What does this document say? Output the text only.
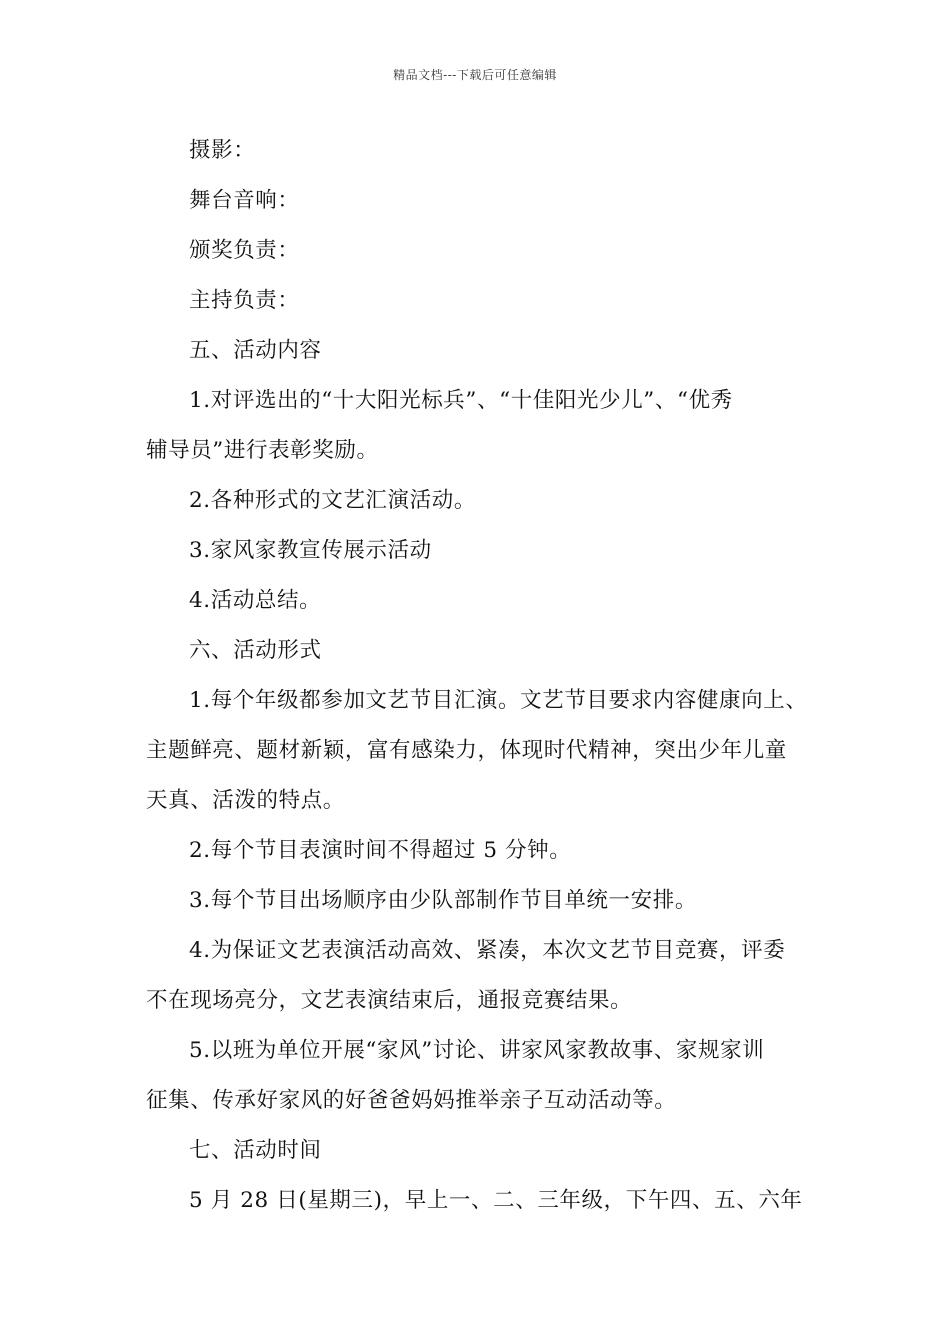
精品文档---下载后可任意编辑
摄影：
舞台音响：
颁奖负责：
主持负责：
五、活动内容
1.对评选出的“十大阳光标兵”、“十佳阳光少儿”、“优秀
辅导员”进行表彰奖励。
2.各种形式的文艺汇演活动。
3.家风家教宣传展示活动
4.活动总结。
六、活动形式
1.每个年级都参加文艺节目汇演。文艺节目要求内容健康向上、
主题鲜亮、题材新颖，富有感染力，体现时代精神，突出少年儿童
天真、活泼的特点。
2.每个节目表演时间不得超过 5 分钟。
3.每个节目出场顺序由少队部制作节目单统一安排。
4.为保证文艺表演活动高效、紧凑，本次文艺节目竞赛，评委
不在现场亮分，文艺表演结束后，通报竞赛结果。
5.以班为单位开展“家风”讨论、讲家风家教故事、家规家训
征集、传承好家风的好爸爸妈妈推举亲子互动活动等。
七、活动时间
5 月 28 日(星期三)，早上一、二、三年级，下午四、五、六年
